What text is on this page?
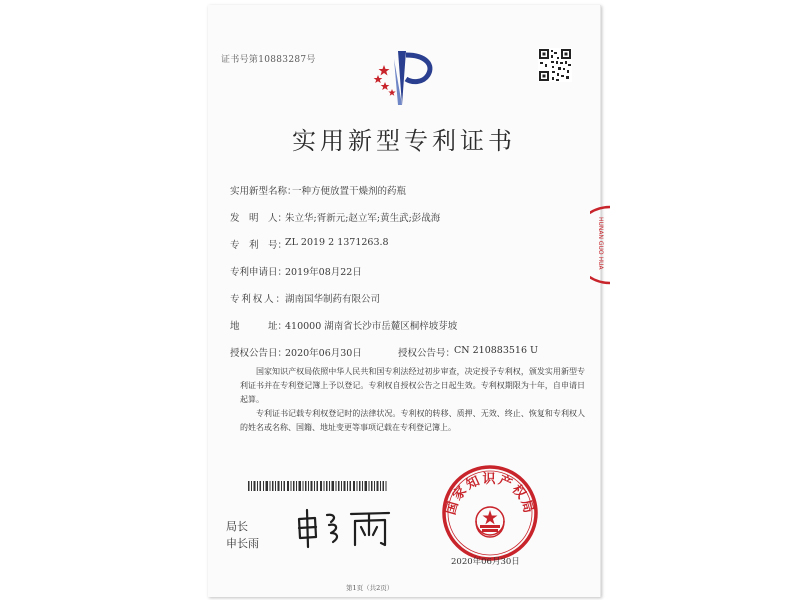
证书号第10883287号
实用新型专利证书
实用新型名称：
一种方便放置干燥剂的药瓶
发　明　人：
朱立华;胥新元;赵立军;黄生武;彭战海
专　利　号：
ZL 2019 2 1371263.8
专利申请日：
2019年08月22日
专利权人： 湖南国华制药有限公司
地　　　址：
410000 湖南省长沙市岳麓区桐梓坡芽坡
授权公告日：
2020年06月30日	授权公告号：
CN 210883516 U
国家知识产权局依照中华人民共和国专利法经过初步审查，决定授予专利权，颁发实用新型专利证书并在专利登记簿上予以登记。专利权自授权公告之日起生效。专利权期限为十年，自申请日起算。
专利证书记载专利权登记时的法律状况。专利权的转移、质押、无效、终止、恢复和专利权人的姓名或名称、国籍、地址变更等事项记载在专利登记簿上。
局长
申长雨
国家知识产权局
2020年06月30日
第1页（共2页）
HUNAN GUO HUA
